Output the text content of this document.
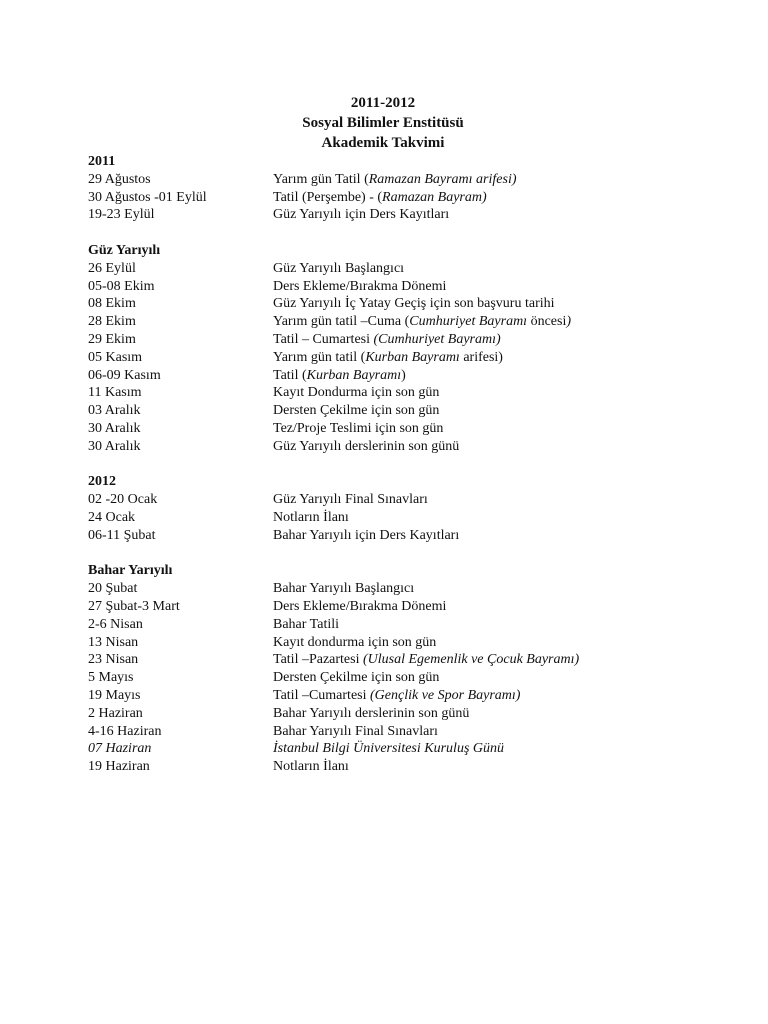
2011-2012
Sosyal Bilimler Enstitüsü
Akademik Takvimi
2011
29 Ağustos	Yarım gün Tatil (Ramazan Bayramı arifesi)
30 Ağustos -01 Eylül	Tatil (Perşembe) - (Ramazan Bayram)
19-23 Eylül	Güz Yarıyılı için Ders Kayıtları
Güz Yarıyılı
26 Eylül	Güz Yarıyılı Başlangıcı
05-08 Ekim	Ders Ekleme/Bırakma Dönemi
08 Ekim	Güz Yarıyılı İç Yatay Geçiş için son başvuru tarihi
28 Ekim	Yarım gün tatil –Cuma (Cumhuriyet Bayramı öncesi)
29 Ekim	Tatil – Cumartesi (Cumhuriyet Bayramı)
05 Kasım	Yarım gün tatil (Kurban Bayramı arifesi)
06-09 Kasım	Tatil (Kurban Bayramı)
11 Kasım	Kayıt Dondurma için son gün
03 Aralık	Dersten Çekilme için son gün
30 Aralık	Tez/Proje Teslimi için son gün
30 Aralık	Güz Yarıyılı derslerinin son günü
2012
02 -20 Ocak	Güz Yarıyılı Final Sınavları
24 Ocak	Notların İlanı
06-11 Şubat	Bahar Yarıyılı için Ders Kayıtları
Bahar Yarıyılı
20 Şubat	Bahar Yarıyılı Başlangıcı
27 Şubat-3 Mart	Ders Ekleme/Bırakma Dönemi
2-6 Nisan	Bahar Tatili
13 Nisan	Kayıt dondurma için son gün
23 Nisan	Tatil –Pazartesi (Ulusal Egemenlik ve Çocuk Bayramı)
5 Mayıs	Dersten Çekilme için son gün
19 Mayıs	Tatil –Cumartesi (Gençlik ve Spor Bayramı)
2 Haziran	Bahar Yarıyılı derslerinin son günü
4-16 Haziran	Bahar Yarıyılı Final Sınavları
07 Haziran	İstanbul Bilgi Üniversitesi Kuruluş Günü
19 Haziran	Notların İlanı
